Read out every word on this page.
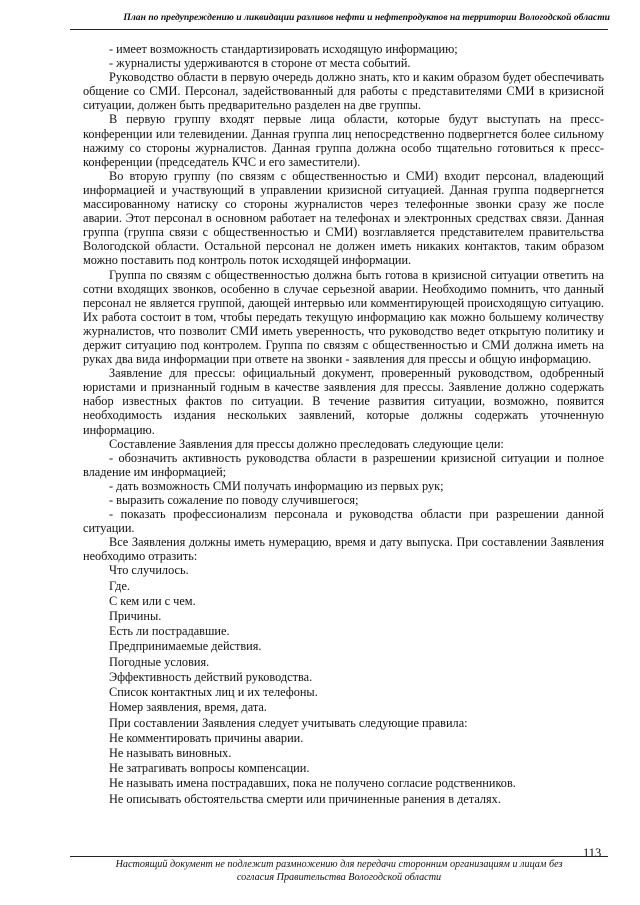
План по предупреждению и ликвидации разливов нефти и нефтепродуктов на территории Вологодской области

- имеет возможность стандартизировать исходящую информацию;

- журналисты удерживаются в стороне от места событий.

Руководство области в первую очередь должно знать, кто и каким образом будет обеспечивать общение со СМИ. Персонал, задействованный для работы с представителями СМИ в кризисной ситуации, должен быть предварительно разделен на две группы.

В первую группу входят первые лица области, которые будут выступать на пресс- конференции или телевидении. Данная группа лиц непосредственно подвергнется более сильному нажиму со стороны журналистов. Данная группа должна особо тщательно готовиться к пресс-конференции (председатель КЧС и его заместители).

Во вторую группу (по связям с общественностью и СМИ) входит персонал, владеющий информацией и участвующий в управлении кризисной ситуацией. Данная группа подвергнется массированному натиску со стороны журналистов через телефонные звонки сразу же после аварии. Этот персонал в основном работает на телефонах и электронных средствах связи. Данная группа (группа связи с общественностью и СМИ) возглавляется представителем правительства Вологодской области. Остальной персонал не должен иметь никаких контактов, таким образом можно поставить под контроль поток исходящей информации.

Группа по связям с общественностью должна быть готова в кризисной ситуации ответить на сотни входящих звонков, особенно в случае серьезной аварии. Необходимо помнить, что данный персонал не является группой, дающей интервью или комментирующей происходящую ситуацию. Их работа состоит в том, чтобы передать текущую информацию как можно большему количеству журналистов, что позволит СМИ иметь уверенность, что руководство ведет открытую политику и держит ситуацию под контролем. Группа по связям с общественностью и СМИ должна иметь на руках два вида информации при ответе на звонки - заявления для прессы и общую информацию.

Заявление для прессы: официальный документ, проверенный руководством, одобренный юристами и признанный годным в качестве заявления для прессы. Заявление должно содержать набор известных фактов по ситуации. В течение развития ситуации, возможно, появится необходимость издания нескольких заявлений, которые должны содержать уточненную информацию.

Составление Заявления для прессы должно преследовать следующие цели:

- обозначить активность руководства области в разрешении кризисной ситуации и полное владение им информацией;

- дать возможность СМИ получать информацию из первых рук;

- выразить сожаление по поводу случившегося;

- показать профессионализм персонала и руководства области при разрешении данной ситуации.

Все Заявления должны иметь нумерацию, время и дату выпуска. При составлении Заявления необходимо отразить:

Что случилось.
Где.
С кем или с чем.
Причины.
Есть ли пострадавшие.
Предпринимаемые действия.
Погодные условия.
Эффективность действий руководства.
Список контактных лиц и их телефоны.
Номер заявления, время, дата.
При составлении Заявления следует учитывать следующие правила:
Не комментировать причины аварии.
Не называть виновных.
Не затрагивать вопросы компенсации.
Не называть имена пострадавших, пока не получено согласие родственников.
Не описывать обстоятельства смерти или причиненные ранения в деталях.
113
Настоящий документ не подлежит размножению для передачи сторонним организациям и лицам без
согласия Правительства Вологодской области
